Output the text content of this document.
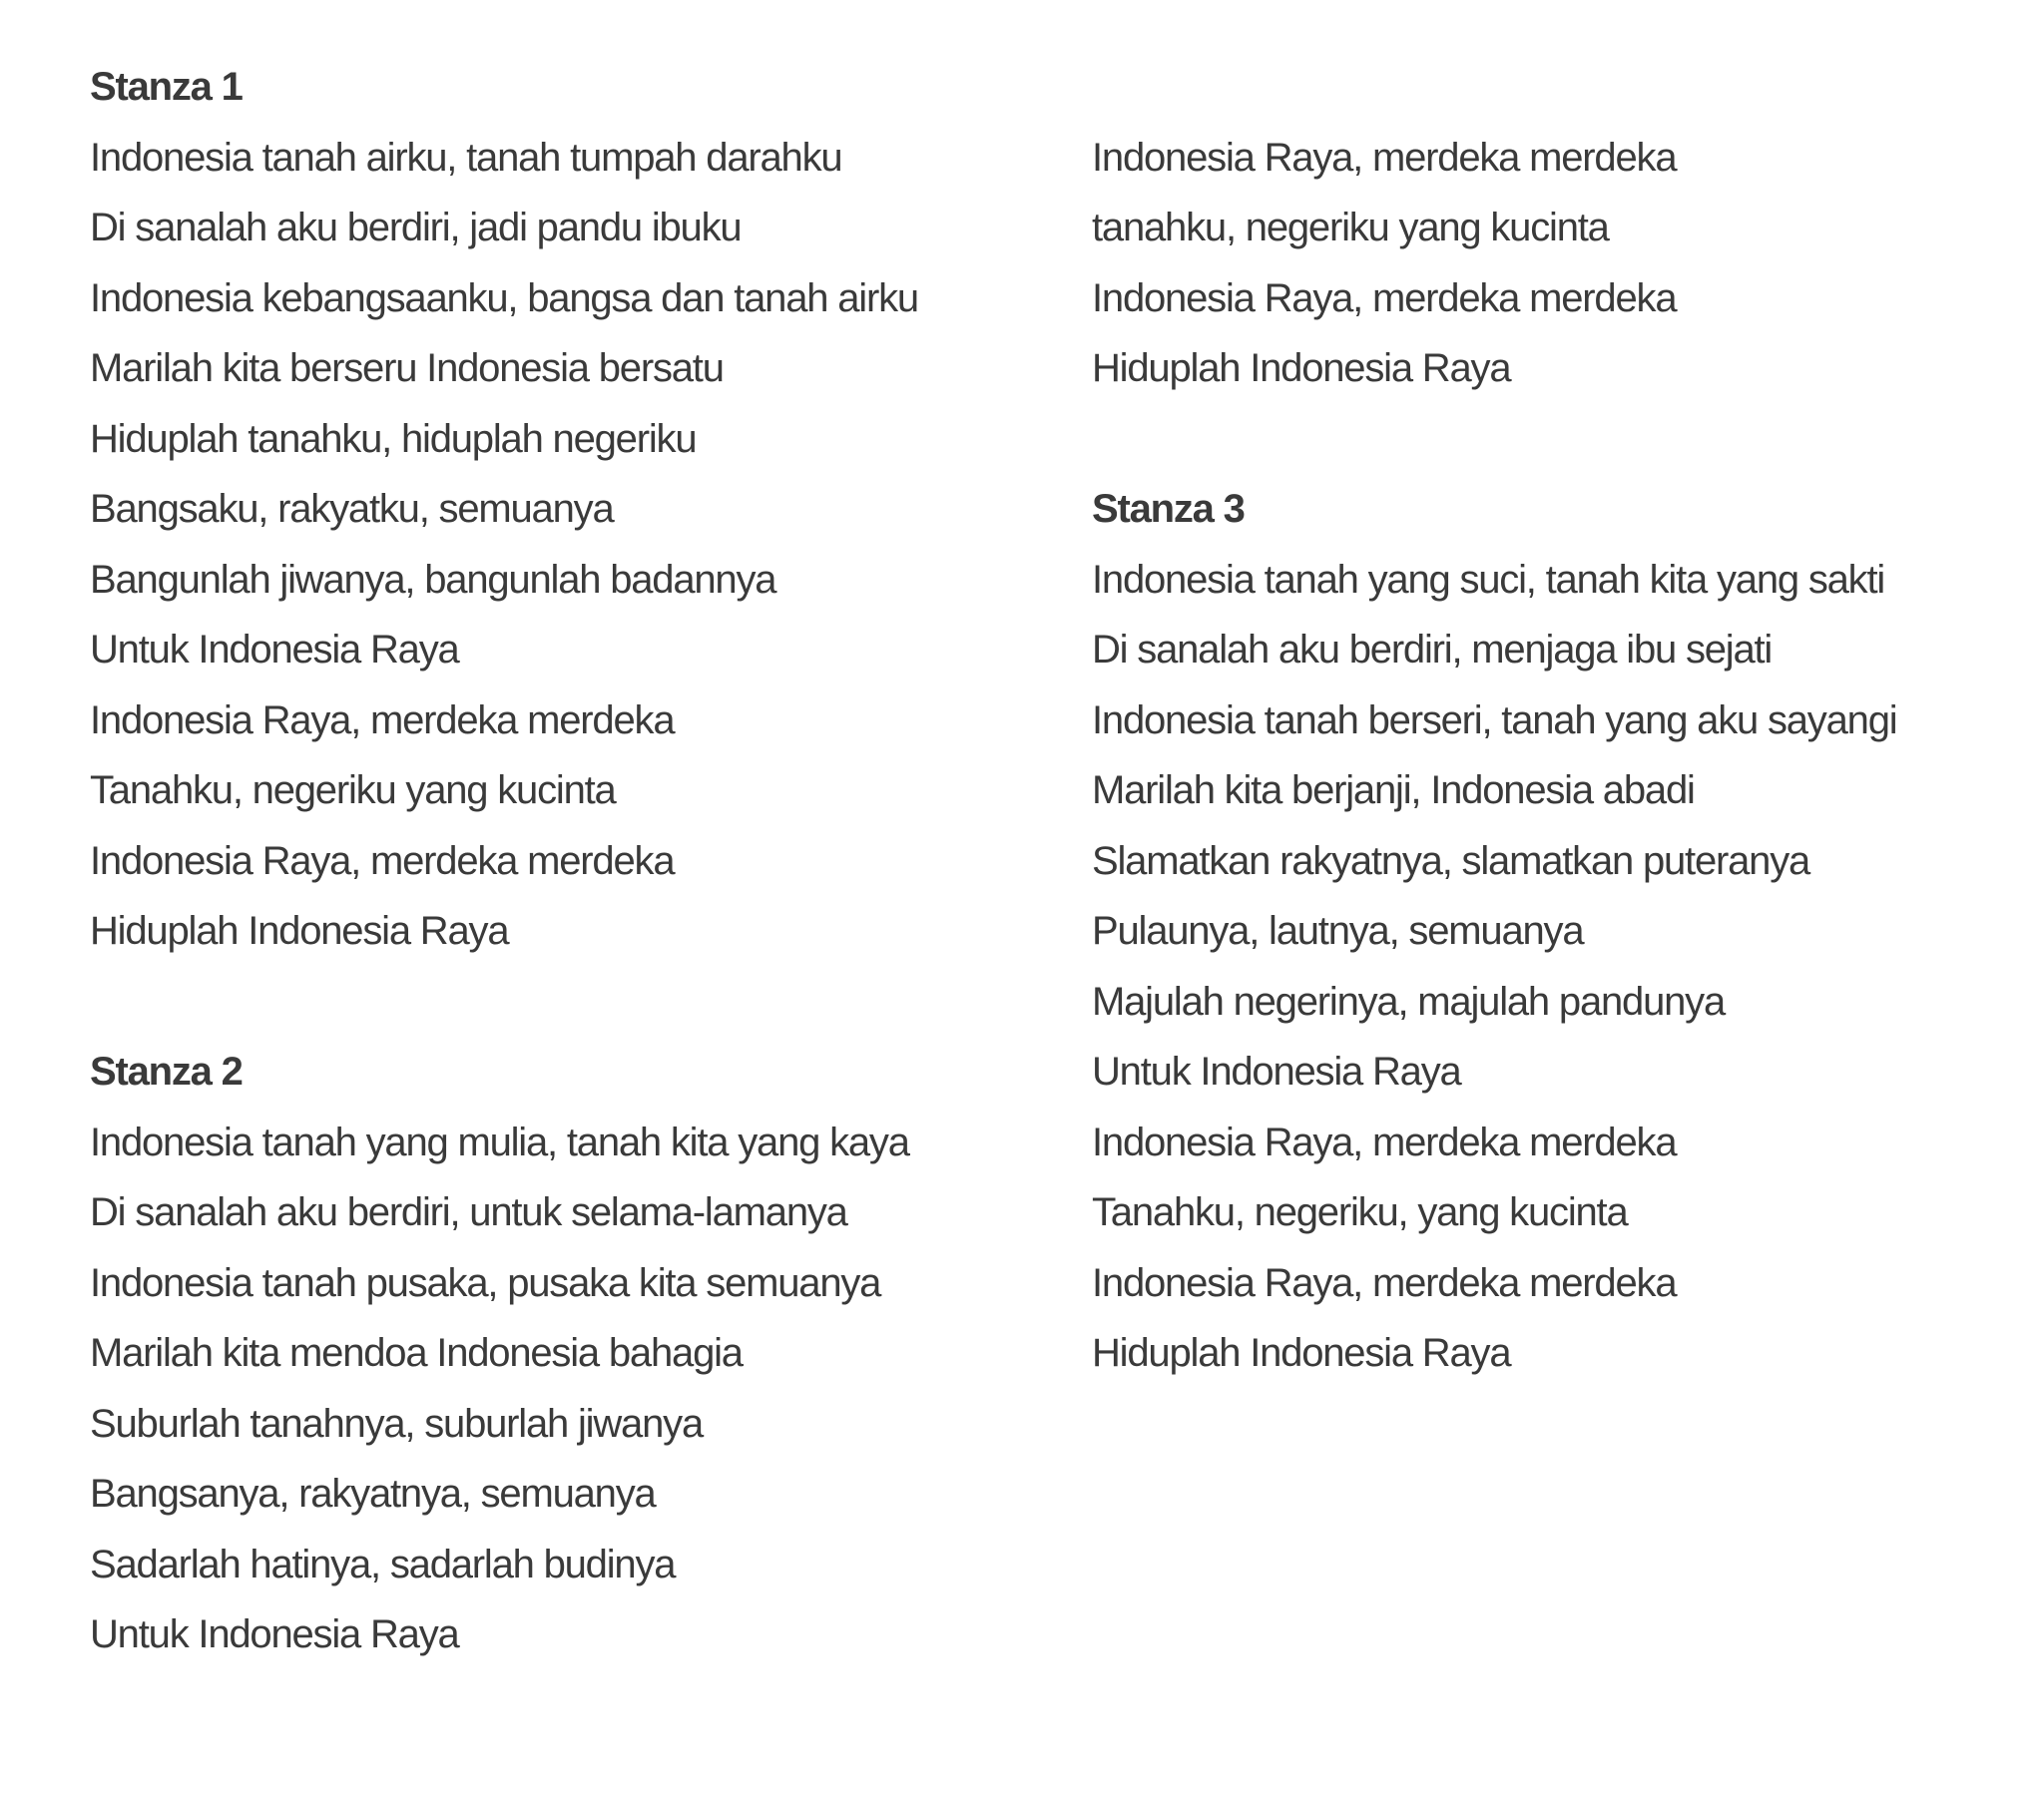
Stanza 1
Indonesia tanah airku, tanah tumpah darahku
Di sanalah aku berdiri, jadi pandu ibuku
Indonesia kebangsaanku, bangsa dan tanah airku
Marilah kita berseru Indonesia bersatu
Hiduplah tanahku, hiduplah negeriku
Bangsaku, rakyatku, semuanya
Bangunlah jiwanya, bangunlah badannya
Untuk Indonesia Raya
Indonesia Raya, merdeka merdeka
Tanahku, negeriku yang kucinta
Indonesia Raya, merdeka merdeka
Hiduplah Indonesia Raya
Stanza 2
Indonesia tanah yang mulia, tanah kita yang kaya
Di sanalah aku berdiri, untuk selama-lamanya
Indonesia tanah pusaka, pusaka kita semuanya
Marilah kita mendoa Indonesia bahagia
Suburlah tanahnya, suburlah jiwanya
Bangsanya, rakyatnya, semuanya
Sadarlah hatinya, sadarlah budinya
Untuk Indonesia Raya
Indonesia Raya, merdeka merdeka
tanahku, negeriku yang kucinta
Indonesia Raya, merdeka merdeka
Hiduplah Indonesia Raya
Stanza 3
Indonesia tanah yang suci, tanah kita yang sakti
Di sanalah aku berdiri, menjaga ibu sejati
Indonesia tanah berseri, tanah yang aku sayangi
Marilah kita berjanji, Indonesia abadi
Slamatkan rakyatnya, slamatkan puteranya
Pulaunya, lautnya, semuanya
Majulah negerinya, majulah pandunya
Untuk Indonesia Raya
Indonesia Raya, merdeka merdeka
Tanahku, negeriku, yang kucinta
Indonesia Raya, merdeka merdeka
Hiduplah Indonesia Raya
